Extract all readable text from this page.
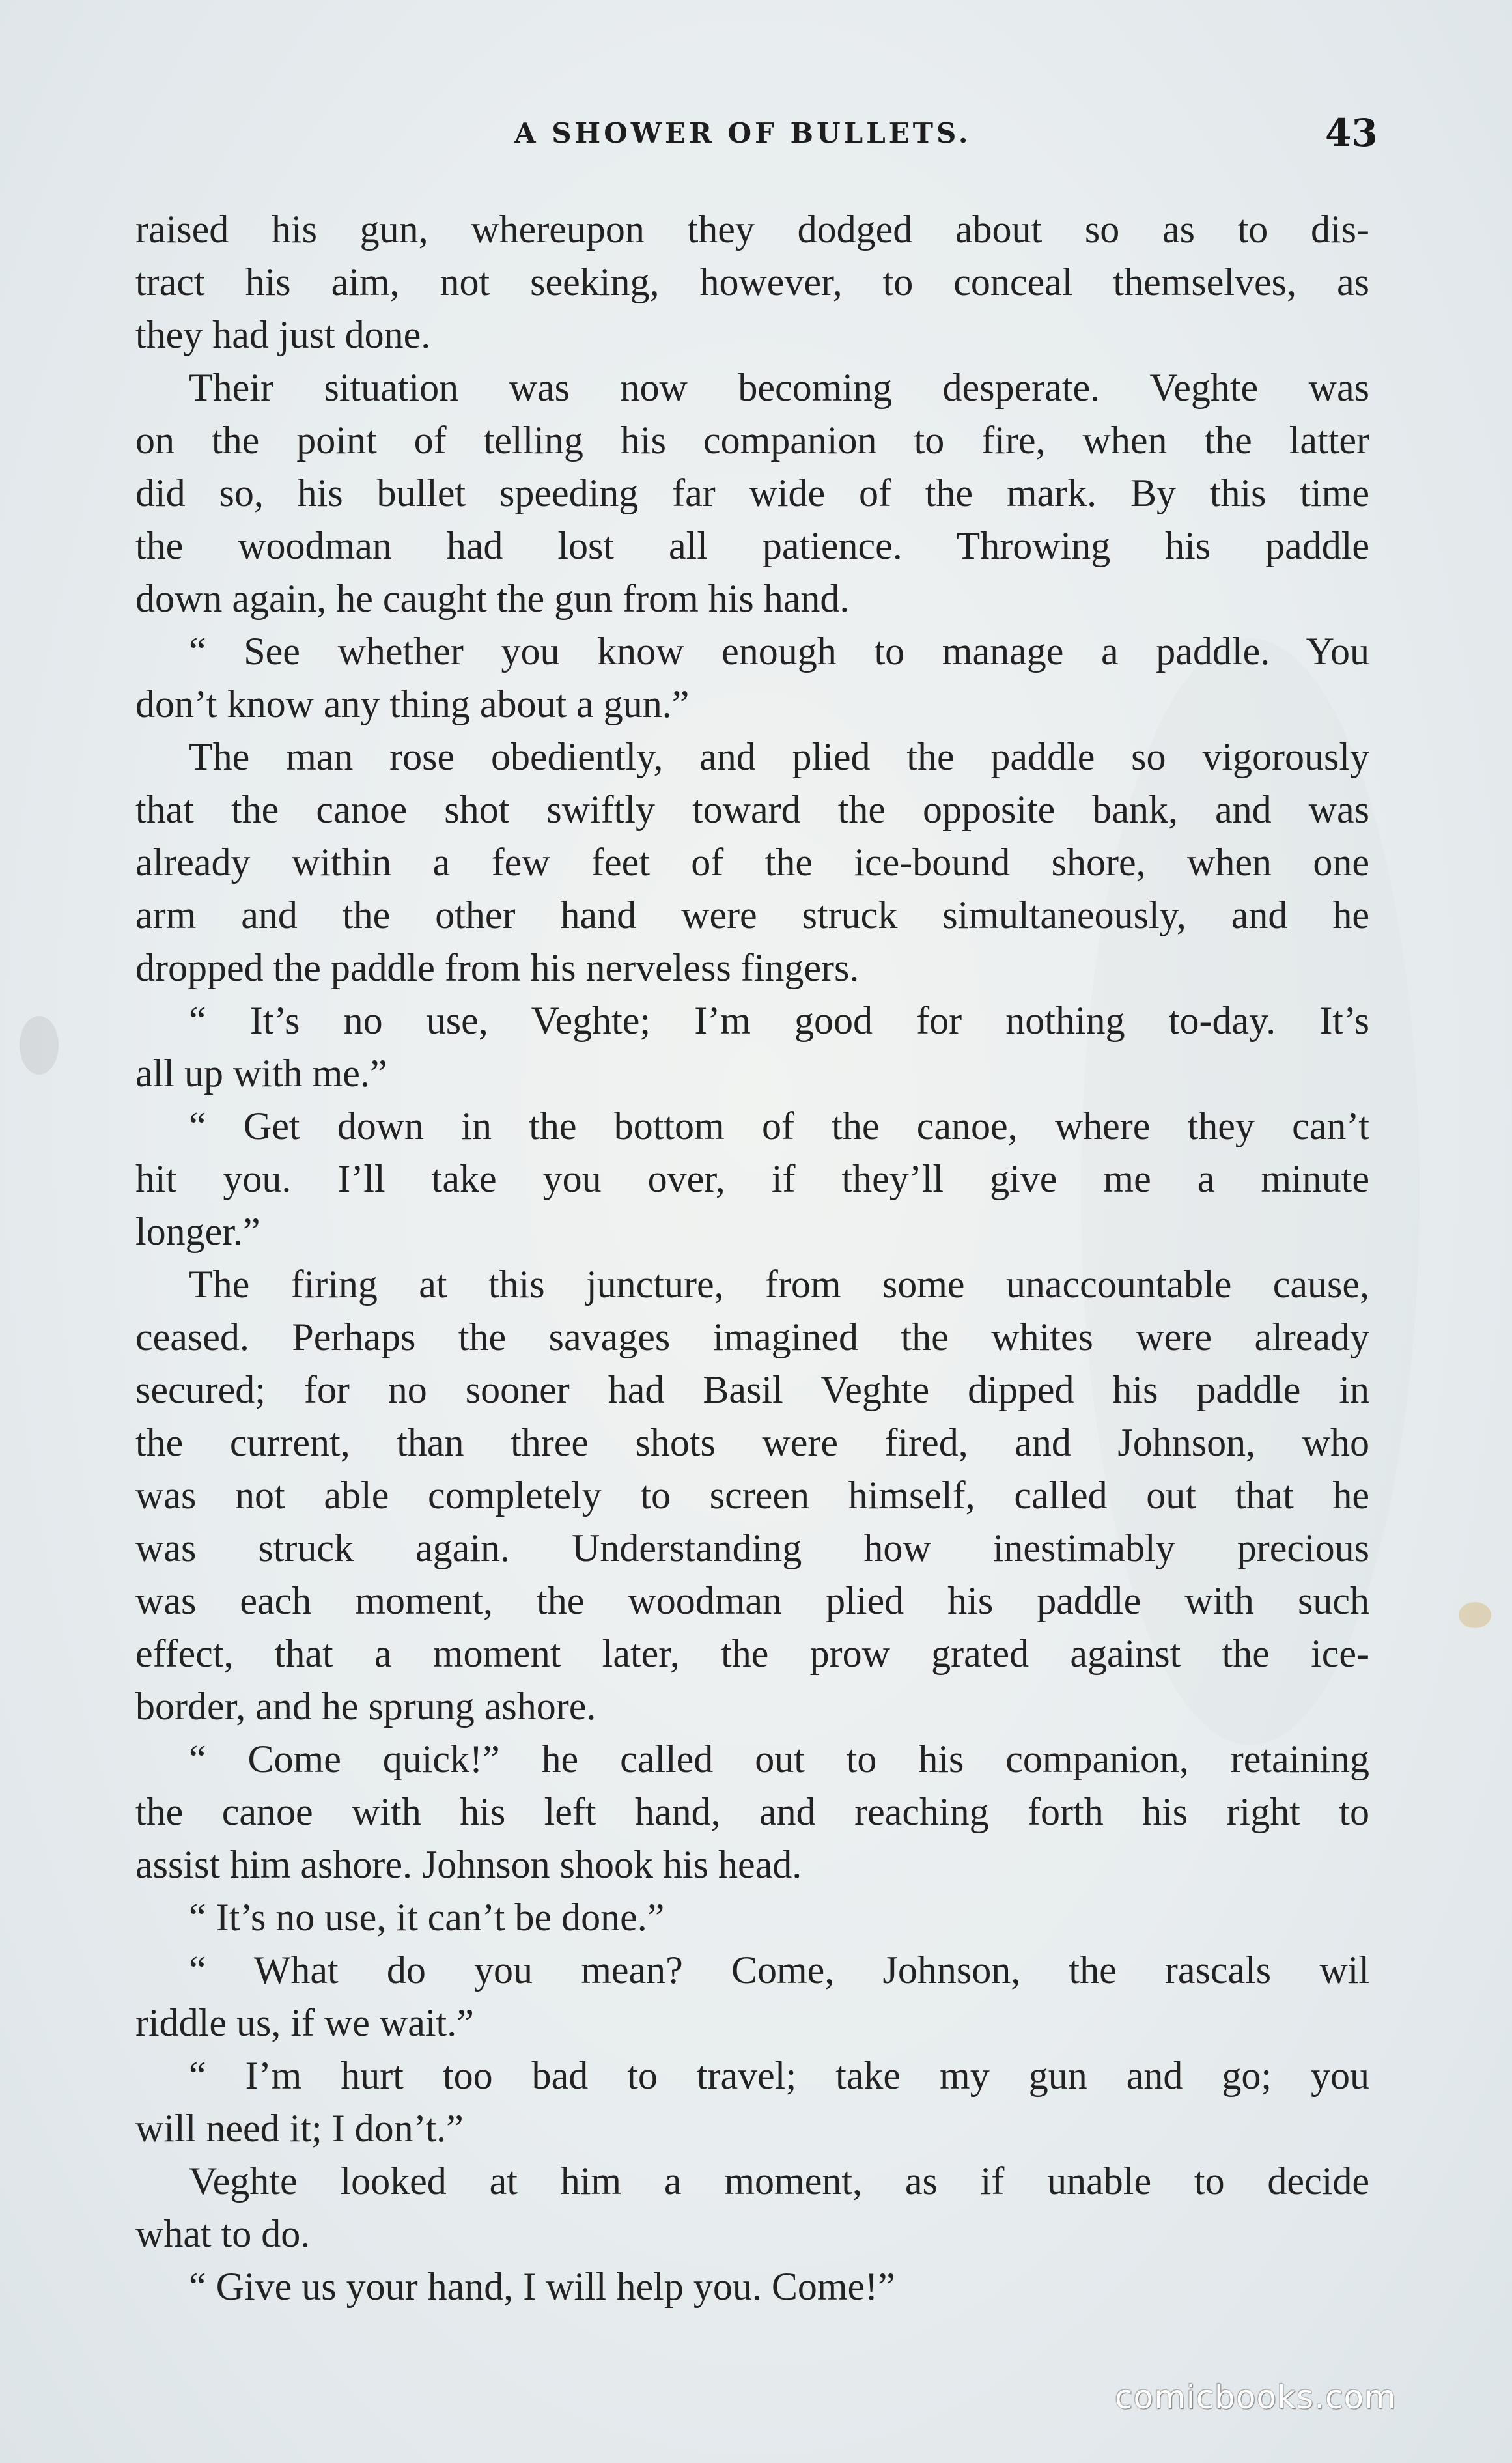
A SHOWER OF BULLETS.	43
raised his gun, whereupon they dodged about so as to dis-
tract his aim, not seeking, however, to conceal themselves, as
they had just done.
Their situation was now becoming desperate. Veghte was
on the point of telling his companion to fire, when the latter
did so, his bullet speeding far wide of the mark. By this time
the woodman had lost all patience. Throwing his paddle
down again, he caught the gun from his hand.
“ See whether you know enough to manage a paddle. You
don’t know any thing about a gun.”
The man rose obediently, and plied the paddle so vigorously
that the canoe shot swiftly toward the opposite bank, and was
already within a few feet of the ice-bound shore, when one
arm and the other hand were struck simultaneously, and he
dropped the paddle from his nerveless fingers.
“ It’s no use, Veghte; I’m good for nothing to-day. It’s
all up with me.”
“ Get down in the bottom of the canoe, where they can’t
hit you. I’ll take you over, if they’ll give me a minute
longer.”
The firing at this juncture, from some unaccountable cause,
ceased. Perhaps the savages imagined the whites were already
secured; for no sooner had Basil Veghte dipped his paddle in
the current, than three shots were fired, and Johnson, who
was not able completely to screen himself, called out that he
was struck again. Understanding how inestimably precious
was each moment, the woodman plied his paddle with such
effect, that a moment later, the prow grated against the ice-
border, and he sprung ashore.
“ Come quick!” he called out to his companion, retaining
the canoe with his left hand, and reaching forth his right to
assist him ashore. Johnson shook his head.
“ It’s no use, it can’t be done.”
“ What do you mean? Come, Johnson, the rascals wil
riddle us, if we wait.”
“ I’m hurt too bad to travel; take my gun and go; you
will need it; I don’t.”
Veghte looked at him a moment, as if unable to decide
what to do.
“ Give us your hand, I will help you. Come!”
comicbooks.com
